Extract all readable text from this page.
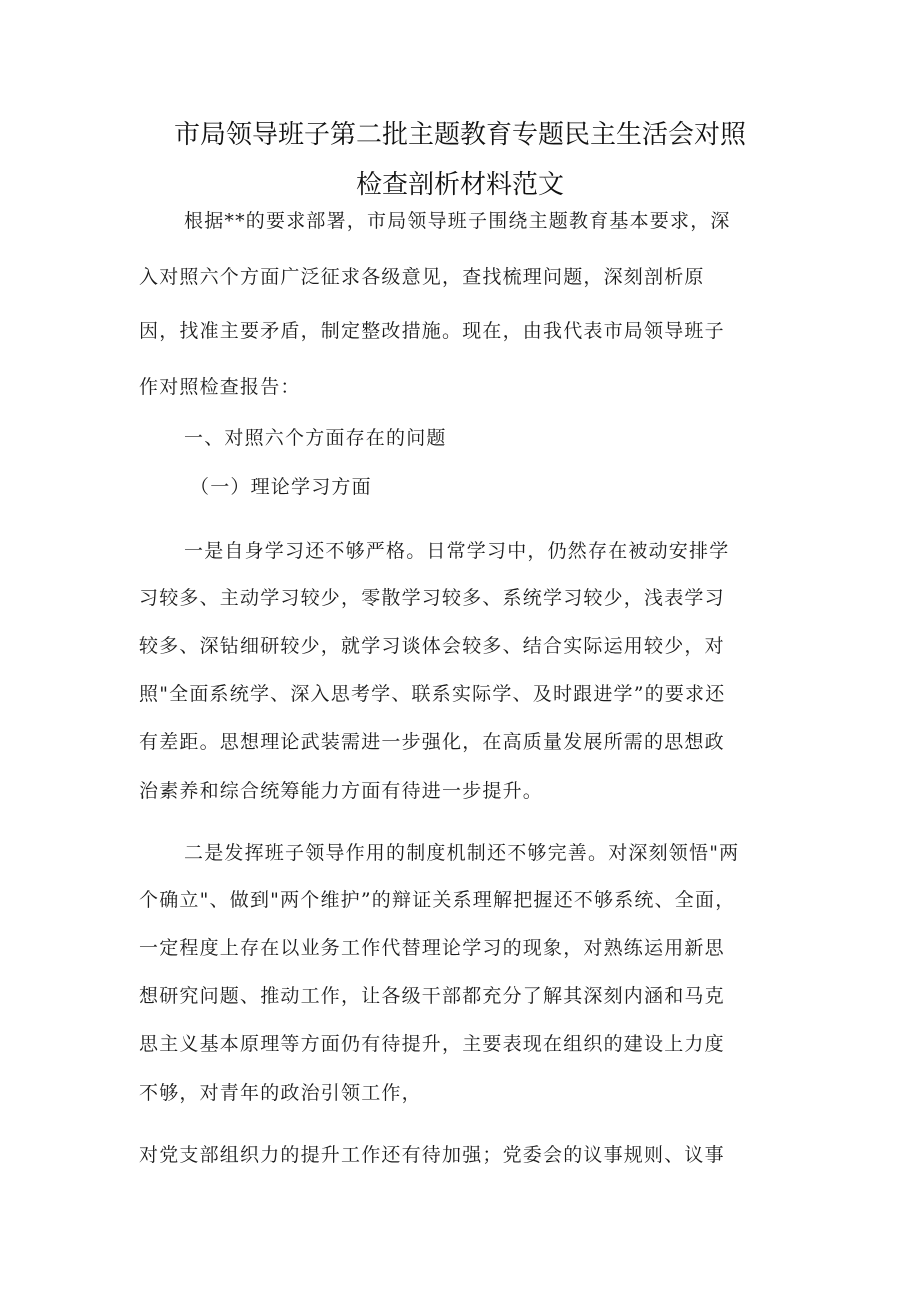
市局领导班子第二批主题教育专题民主生活会对照
检查剖析材料范文

根据**的要求部署，市局领导班子围绕主题教育基本要求，深

入对照六个方面广泛征求各级意见，查找梳理问题，深刻剖析原

因，找准主要矛盾，制定整改措施。现在，由我代表市局领导班子

作对照检查报告：

一、对照六个方面存在的问题

（一）理论学习方面

一是自身学习还不够严格。日常学习中，仍然存在被动安排学

习较多、主动学习较少，零散学习较多、系统学习较少，浅表学习

较多、深钻细研较少，就学习谈体会较多、结合实际运用较少，对

照"全面系统学、深入思考学、联系实际学、及时跟进学”的要求还

有差距。思想理论武装需进一步强化，在高质量发展所需的思想政

治素养和综合统筹能力方面有待进一步提升。

二是发挥班子领导作用的制度机制还不够完善。对深刻领悟"两

个确立"、做到"两个维护”的辩证关系理解把握还不够系统、全面，

一定程度上存在以业务工作代替理论学习的现象，对熟练运用新思

想研究问题、推动工作，让各级干部都充分了解其深刻内涵和马克

思主义基本原理等方面仍有待提升，主要表现在组织的建设上力度

不够，对青年的政治引领工作，

对党支部组织力的提升工作还有待加强；党委会的议事规则、议事
